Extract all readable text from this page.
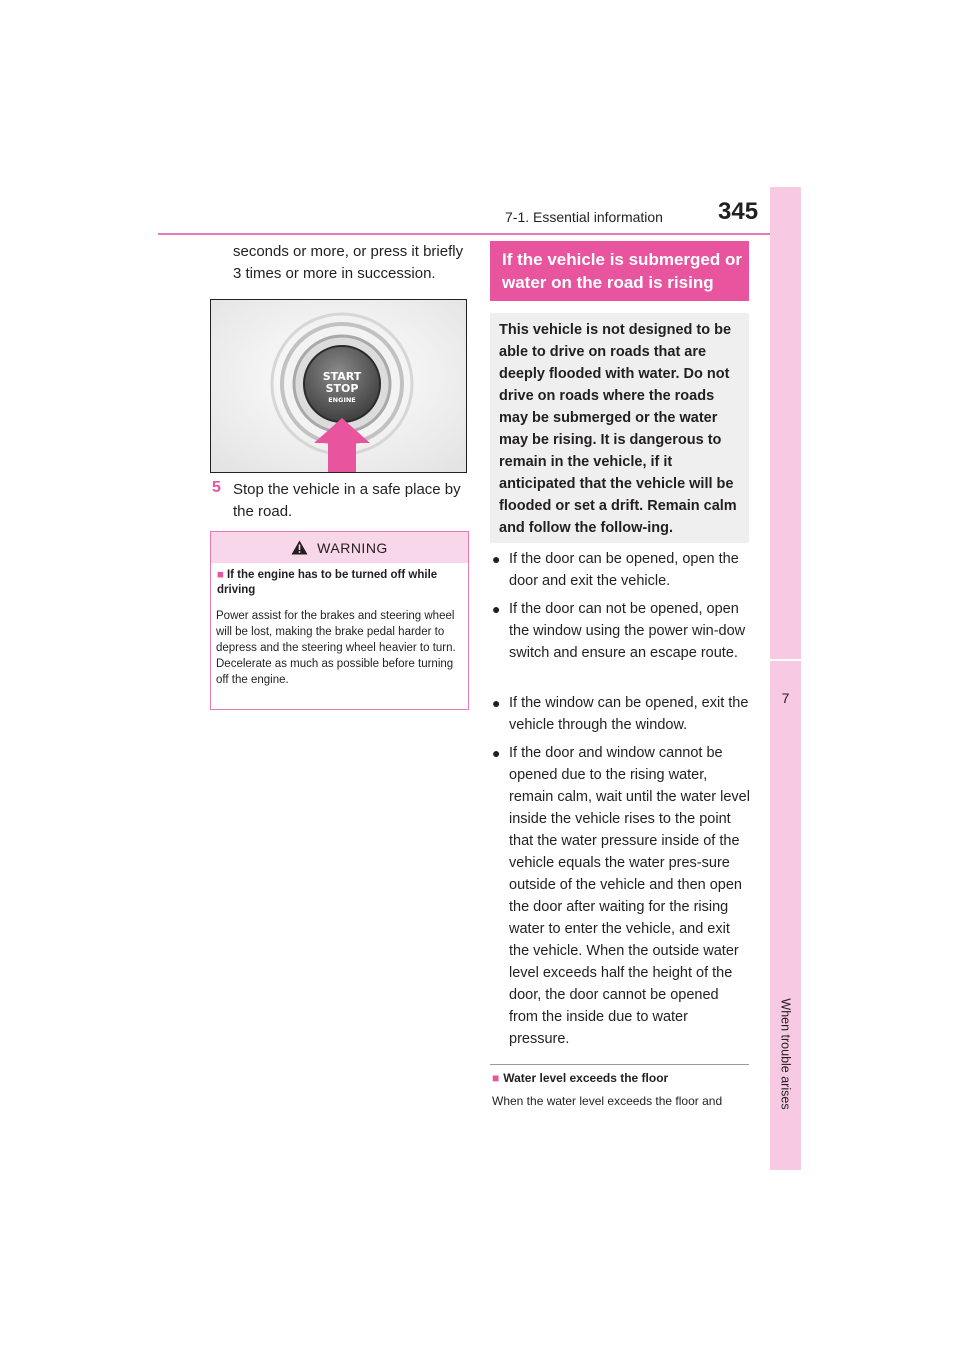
7-1. Essential information 345
7
When trouble arises
seconds or more, or press it briefly 3 times or more in succession.
START
STOP
ENGINE
5 Stop the vehicle in a safe place by the road.
WARNING
■ If the engine has to be turned off while driving
Power assist for the brakes and steering wheel will be lost, making the brake pedal harder to depress and the steering wheel heavier to turn. Decelerate as much as possible before turning off the engine.
If the vehicle is submerged or water on the road is rising
This vehicle is not designed to be able to drive on roads that are deeply flooded with water. Do not drive on roads where the roads may be submerged or the water may be rising. It is dangerous to remain in the vehicle, if it anticipated that the vehicle will be flooded or set a drift. Remain calm and follow the follow-ing.
● If the door can be opened, open the door and exit the vehicle.
● If the door can not be opened, open the window using the power win-dow switch and ensure an escape route.
● If the window can be opened, exit the vehicle through the window.
● If the door and window cannot be opened due to the rising water, remain calm, wait until the water level inside the vehicle rises to the point that the water pressure inside of the vehicle equals the water pres-sure outside of the vehicle and then open the door after waiting for the rising water to enter the vehicle, and exit the vehicle. When the outside water level exceeds half the height of the door, the door cannot be opened from the inside due to water pressure.
■ Water level exceeds the floor
When the water level exceeds the floor and
